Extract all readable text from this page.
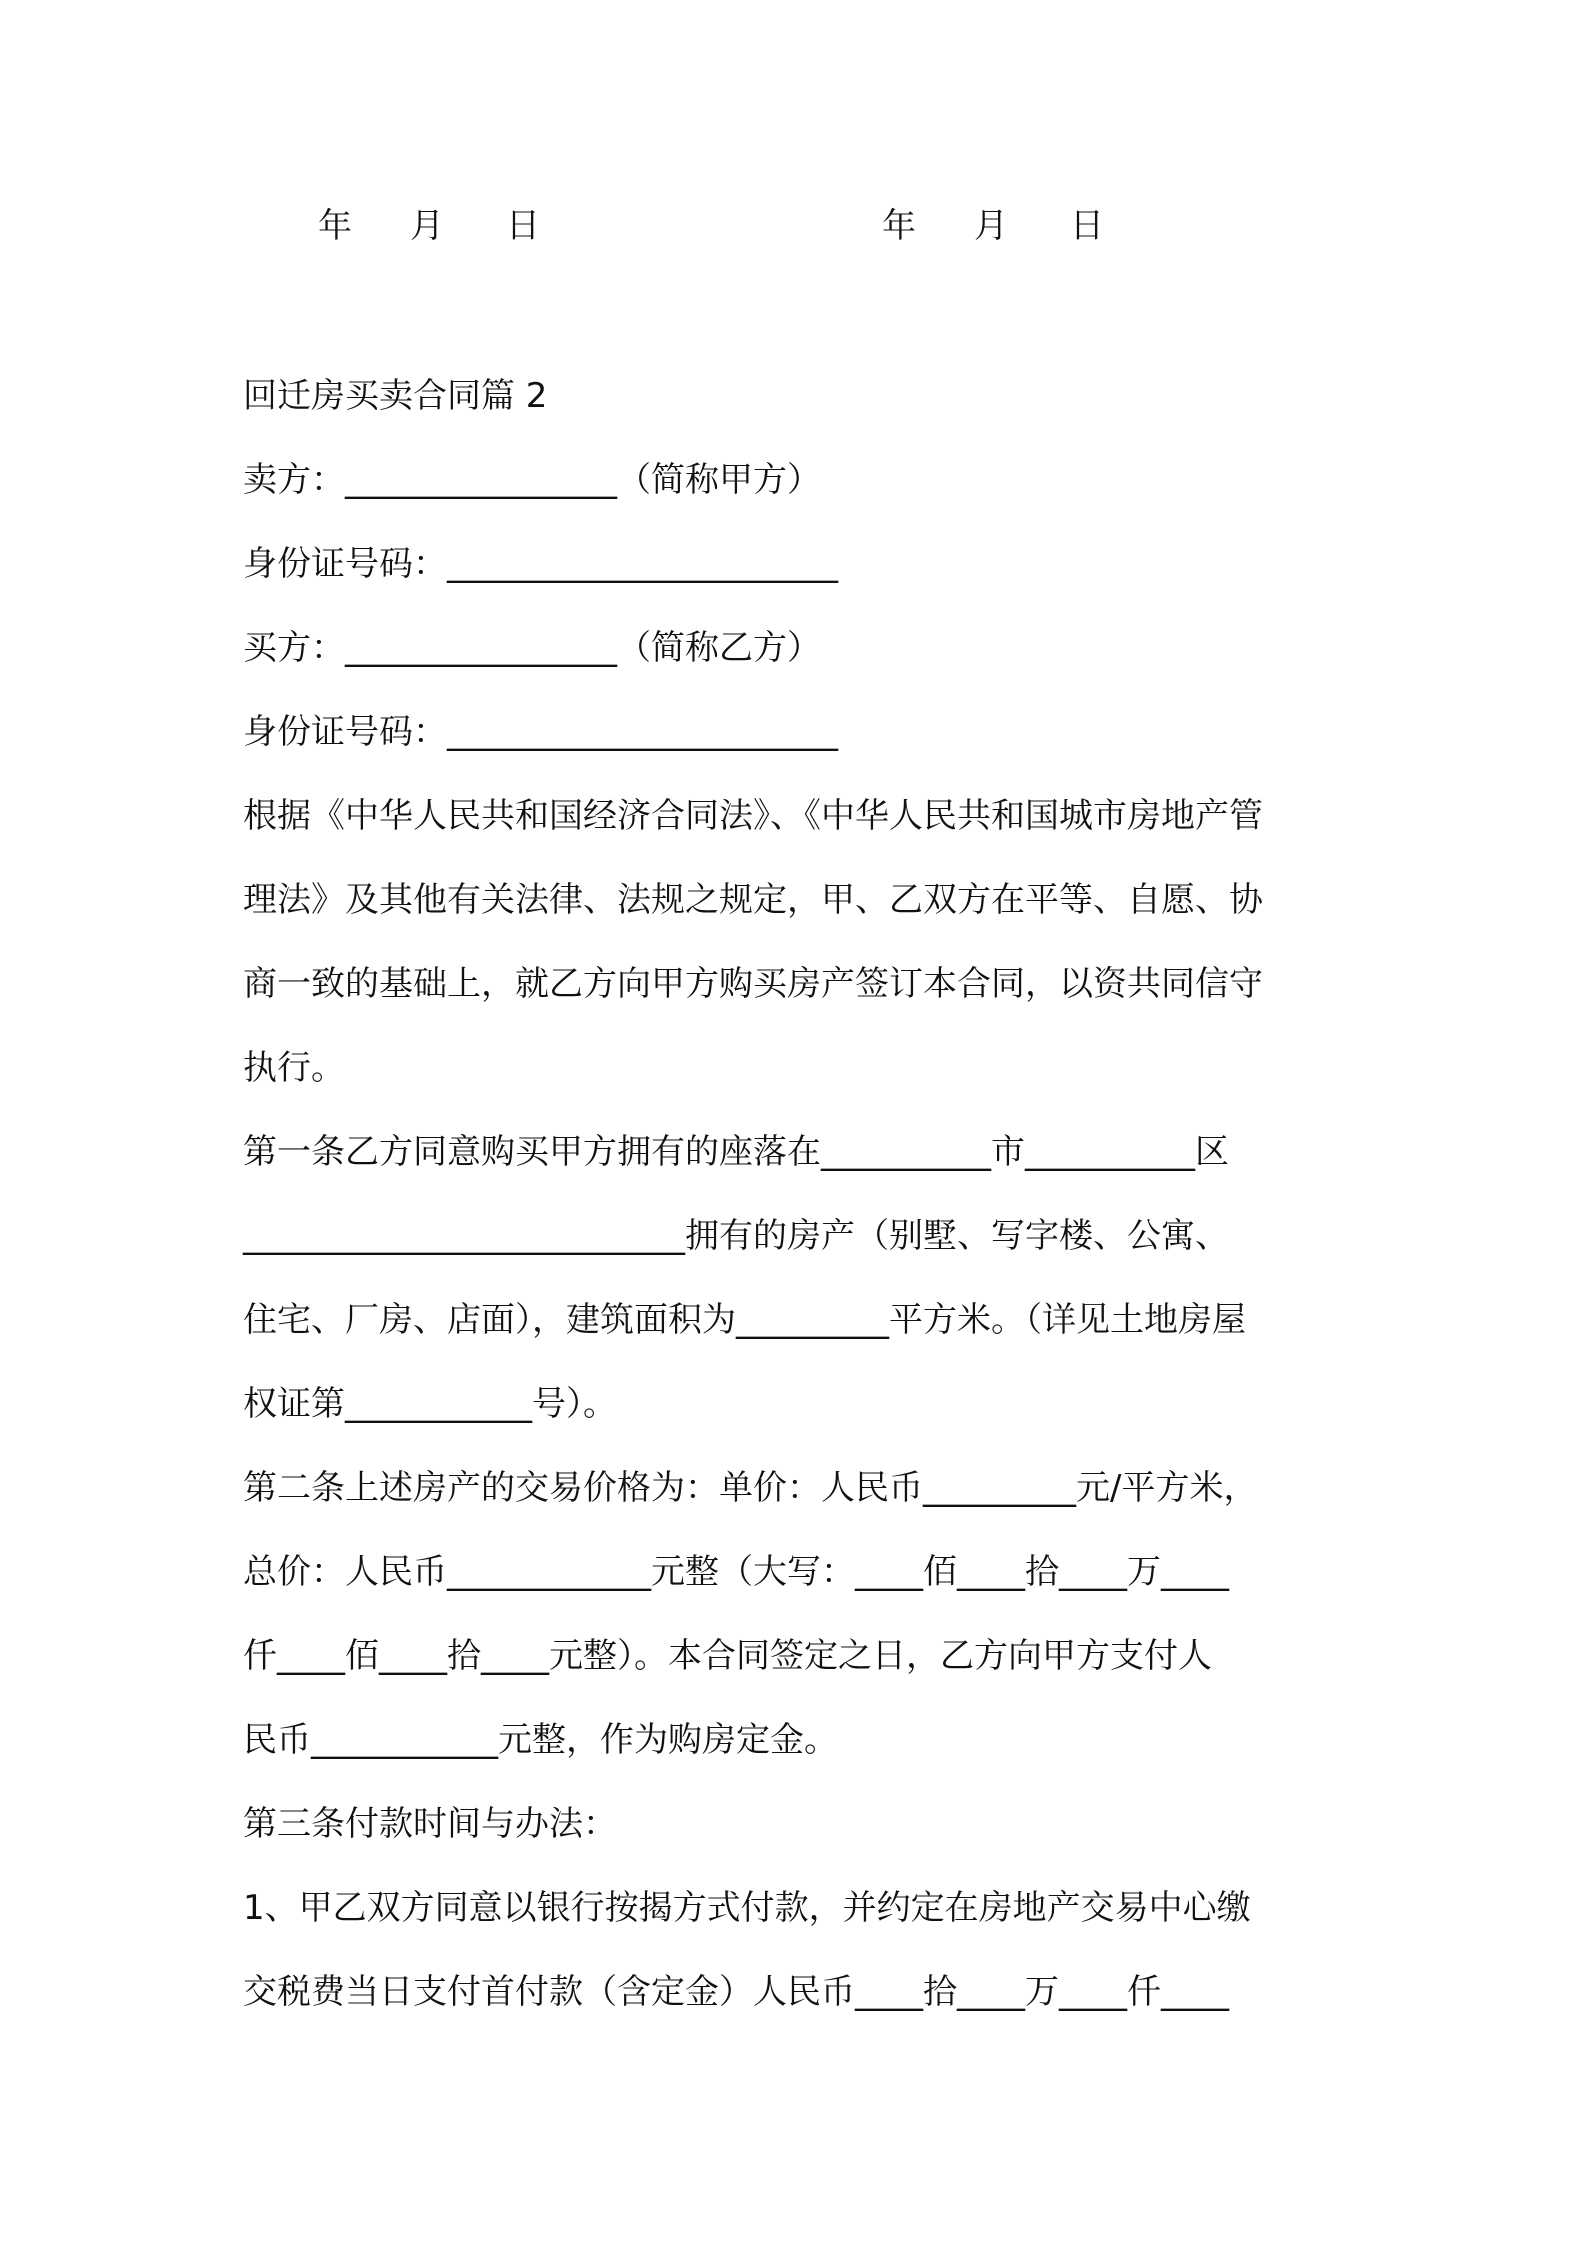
年 月 日	年 月 日
回迁房买卖合同篇 2
卖方：________________（简称甲方）
身份证号码：_______________________
买方：________________（简称乙方）
身份证号码：_______________________
根据《中华人民共和国经济合同法》、《中华人民共和国城市房地产管
理法》及其他有关法律、法规之规定，甲、乙双方在平等、自愿、协
商一致的基础上，就乙方向甲方购买房产签订本合同，以资共同信守
执行。
第一条乙方同意购买甲方拥有的座落在__________市__________区
__________________________拥有的房产（别墅、写字楼、公寓、
住宅、厂房、店面），建筑面积为_________平方米。（详见土地房屋
权证第___________号）。
第二条上述房产的交易价格为：单价：人民币_________元/平方米，
总价：人民币____________元整（大写：____佰____拾____万____
仟____佰____拾____元整）。本合同签定之日，乙方向甲方支付人
民币___________元整，作为购房定金。
第三条付款时间与办法：
1、甲乙双方同意以银行按揭方式付款，并约定在房地产交易中心缴
交税费当日支付首付款（含定金）人民币____拾____万____仟____
